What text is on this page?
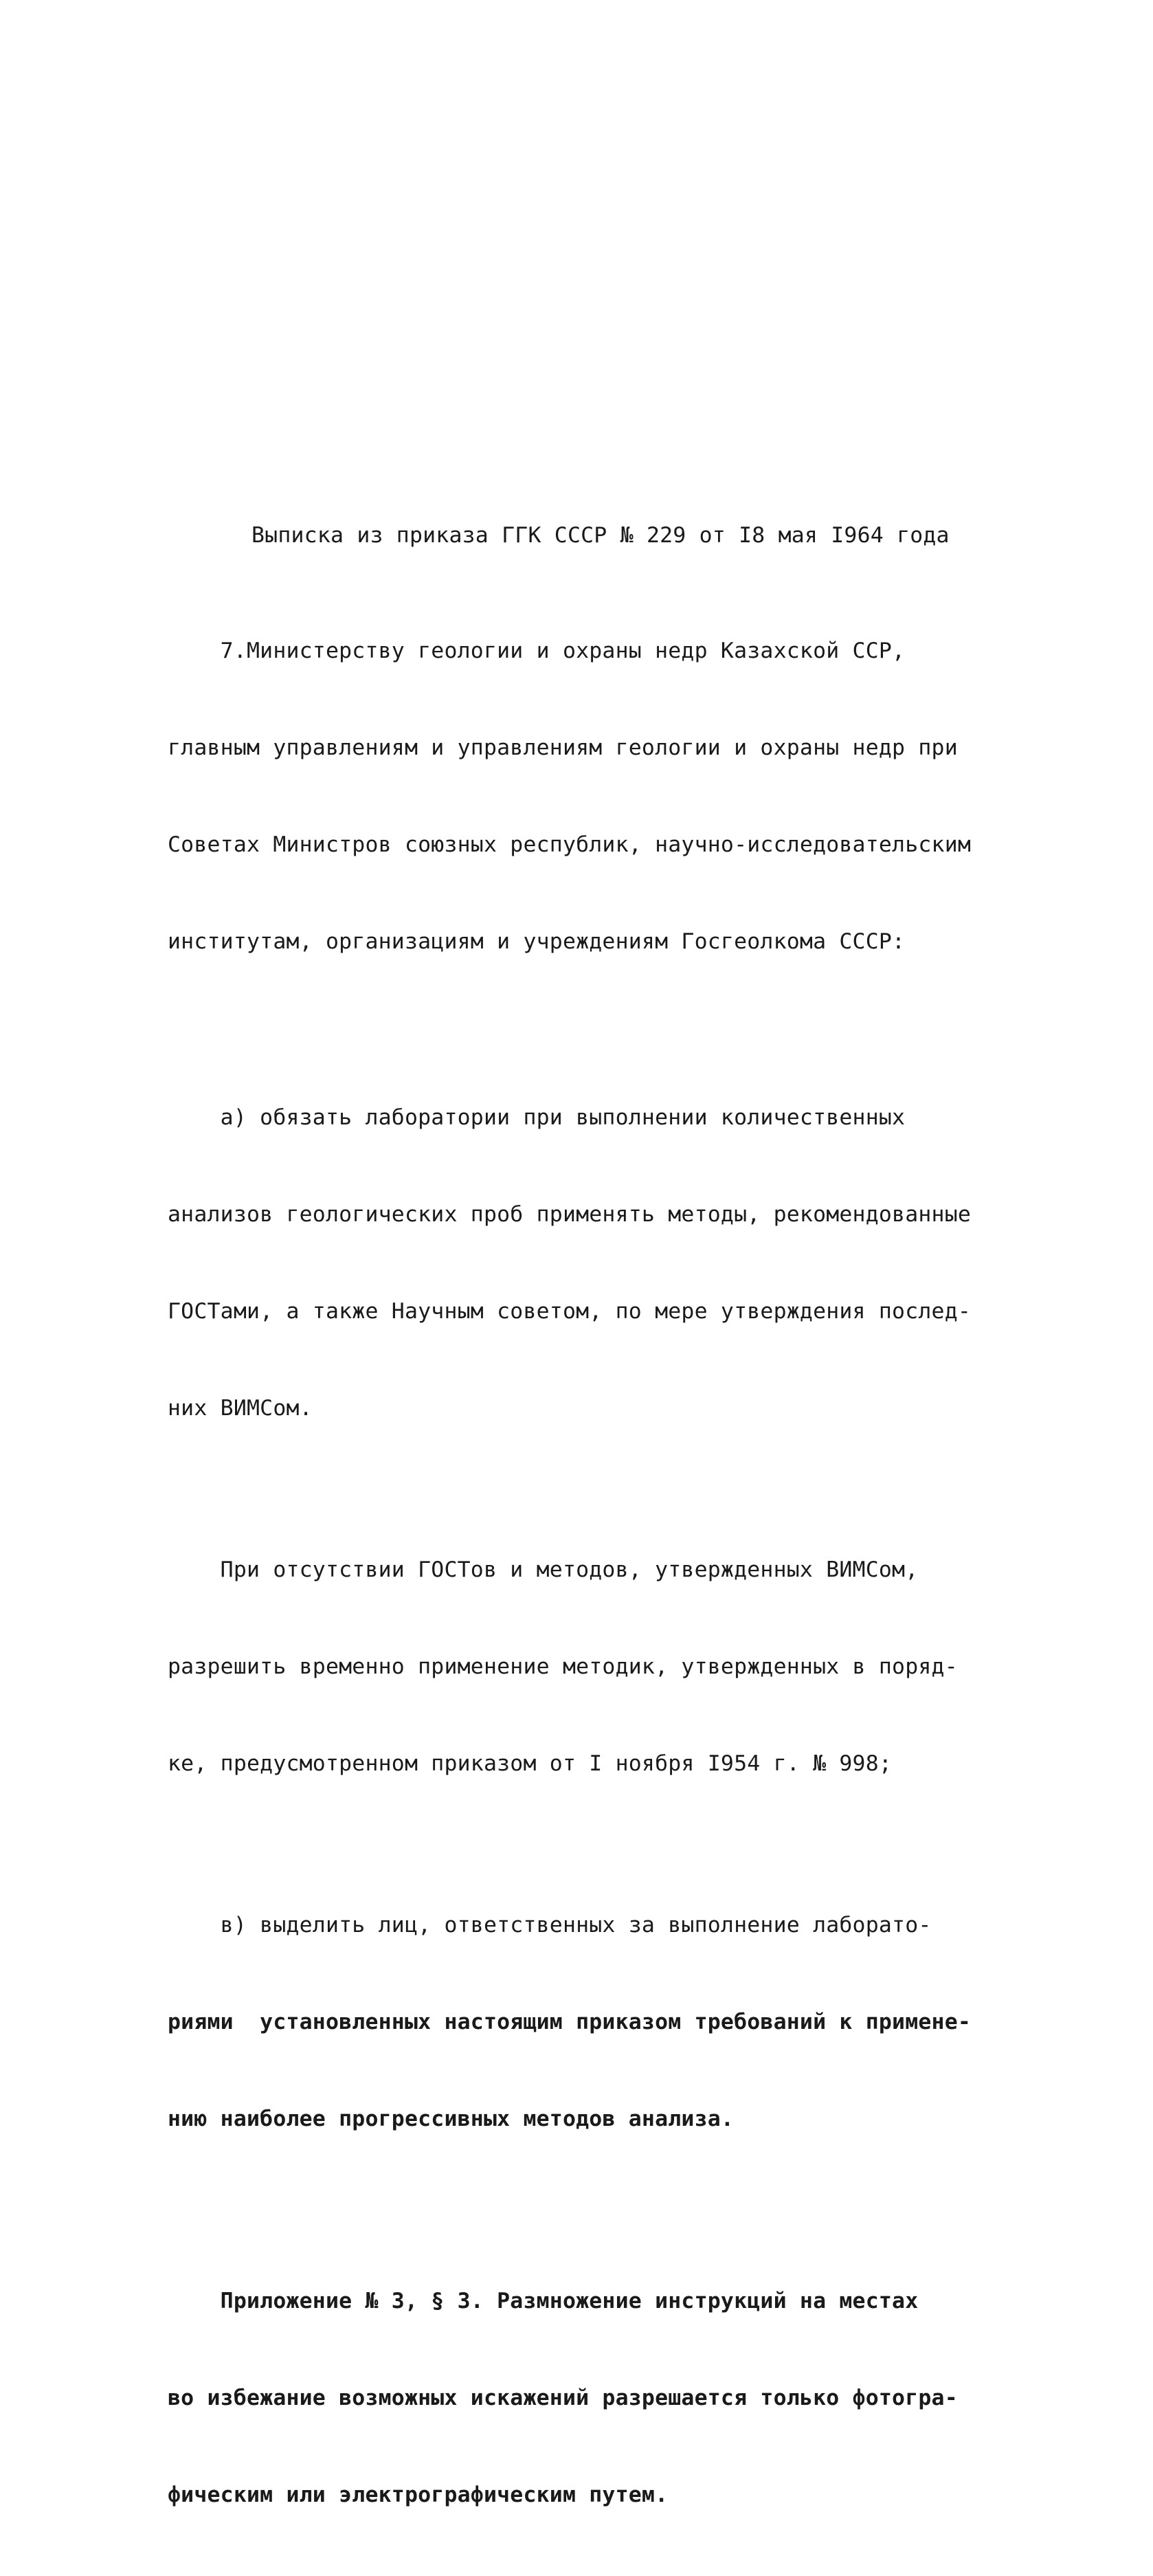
Выписка из приказа ГГК СССР № 229 от I8 мая I964 года

7.Министерству геологии и охраны недр Казахской ССР,

главным управлениям и управлениям геологии и охраны недр при

Советах Министров союзных республик, научно-исследовательским

институтам, организациям и учреждениям Госгеолкома СССР:

а) обязать лаборатории при выполнении количественных

анализов геологических проб применять методы, рекомендованные

ГОСТами, а также Научным советом, по мере утверждения послед-

них ВИМСом.

При отсутствии ГОСТов и методов, утвержденных ВИМСом,

разрешить временно применение методик, утвержденных в поряд-

ке, предусмотренном приказом от I ноября I954 г. № 998;

в) выделить лиц, ответственных за выполнение лаборато-

риями  установленных настоящим приказом требований к примене-

нию наиболее прогрессивных методов анализа.

Приложение № 3, § 3. Размножение инструкций на местах

во избежание возможных искажений разрешается только фотогра-

фическим или электрографическим путем.
